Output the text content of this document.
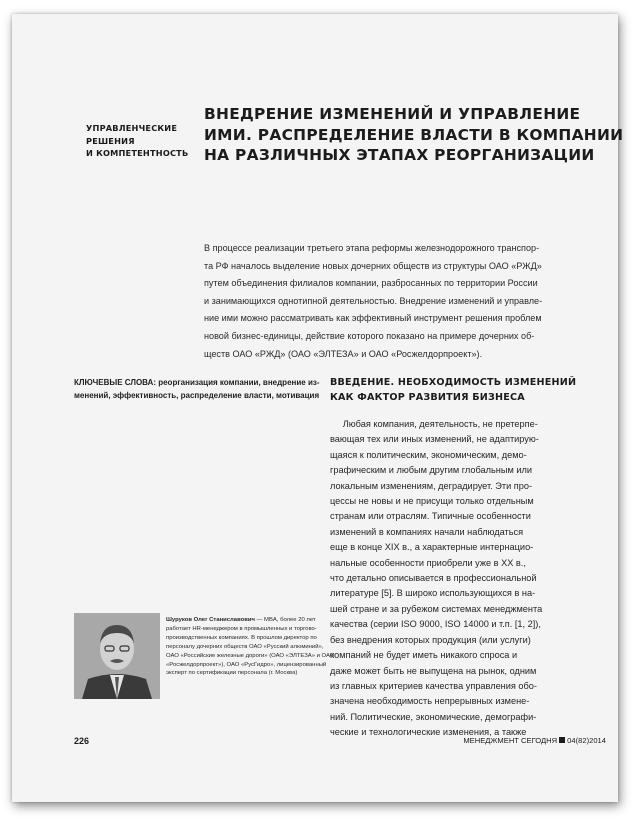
УПРАВЛЕНЧЕСКИЕ
РЕШЕНИЯ
И КОМПЕТЕНТНОСТЬ
ВНЕДРЕНИЕ ИЗМЕНЕНИЙ И УПРАВЛЕНИЕ
ИМИ. РАСПРЕДЕЛЕНИЕ ВЛАСТИ В КОМПАНИИ
НА РАЗЛИЧНЫХ ЭТАПАХ РЕОРГАНИЗАЦИИ
В процессе реализации третьего этапа реформы железнодорожного транспор-
та РФ началось выделение новых дочерних обществ из структуры ОАО «РЖД»
путем объединения филиалов компании, разбросанных по территории России
и занимающихся однотипной деятельностью. Внедрение изменений и управле-
ние ими можно рассматривать как эффективный инструмент решения проблем
новой бизнес-единицы, действие которого показано на примере дочерних об-
ществ ОАО «РЖД» (ОАО «ЭЛТЕЗА» и ОАО «Росжелдорпроект»).
КЛЮЧЕВЫЕ СЛОВА: реорганизация компании, внедрение из-
менений, эффективность, распределение власти, мотивация
ВВЕДЕНИЕ. НЕОБХОДИМОСТЬ ИЗМЕНЕНИЙ
КАК ФАКТОР РАЗВИТИЯ БИЗНЕСА
Любая компания, деятельность, не претерпе-
вающая тех или иных изменений, не адаптирую-
щаяся к политическим, экономическим, демо-
графическим и любым другим глобальным или
локальным изменениям, деградирует. Эти про-
цессы не новы и не присущи только отдельным
странам или отраслям. Типичные особенности
изменений в компаниях начали наблюдаться
еще в конце XIX в., а характерные интернацио-
нальные особенности приобрели уже в XX в.,
что детально описывается в профессиональной
литературе [5]. В широко использующихся в на-
шей стране и за рубежом системах менеджмента
качества (серии ISO 9000, ISO 14000 и т.п. [1, 2]),
без внедрения которых продукция (или услуги)
компаний не будет иметь никакого спроса и
даже может быть не выпущена на рынок, одним
из главных критериев качества управления обо-
значена необходимость непрерывных измене-
ний. Политические, экономические, демографи-
ческие и технологические изменения, а также
Шуруков Олег Станиславович — MBA, более 20 лет
работает HR-менеджером в промышленных и торгово-
производственных компаниях. В прошлом директор по
персоналу дочерних обществ ОАО «Русский алюминий»,
ОАО «Российские железные дороги» (ОАО «ЭЛТЕЗА» и ОАО
«Росжелдорпроект»), ОАО «РусГидро», лицензированный
эксперт по сертификации персонала (г. Москва)
226	МЕНЕДЖМЕНТ СЕГОДНЯ 04(82)2014
